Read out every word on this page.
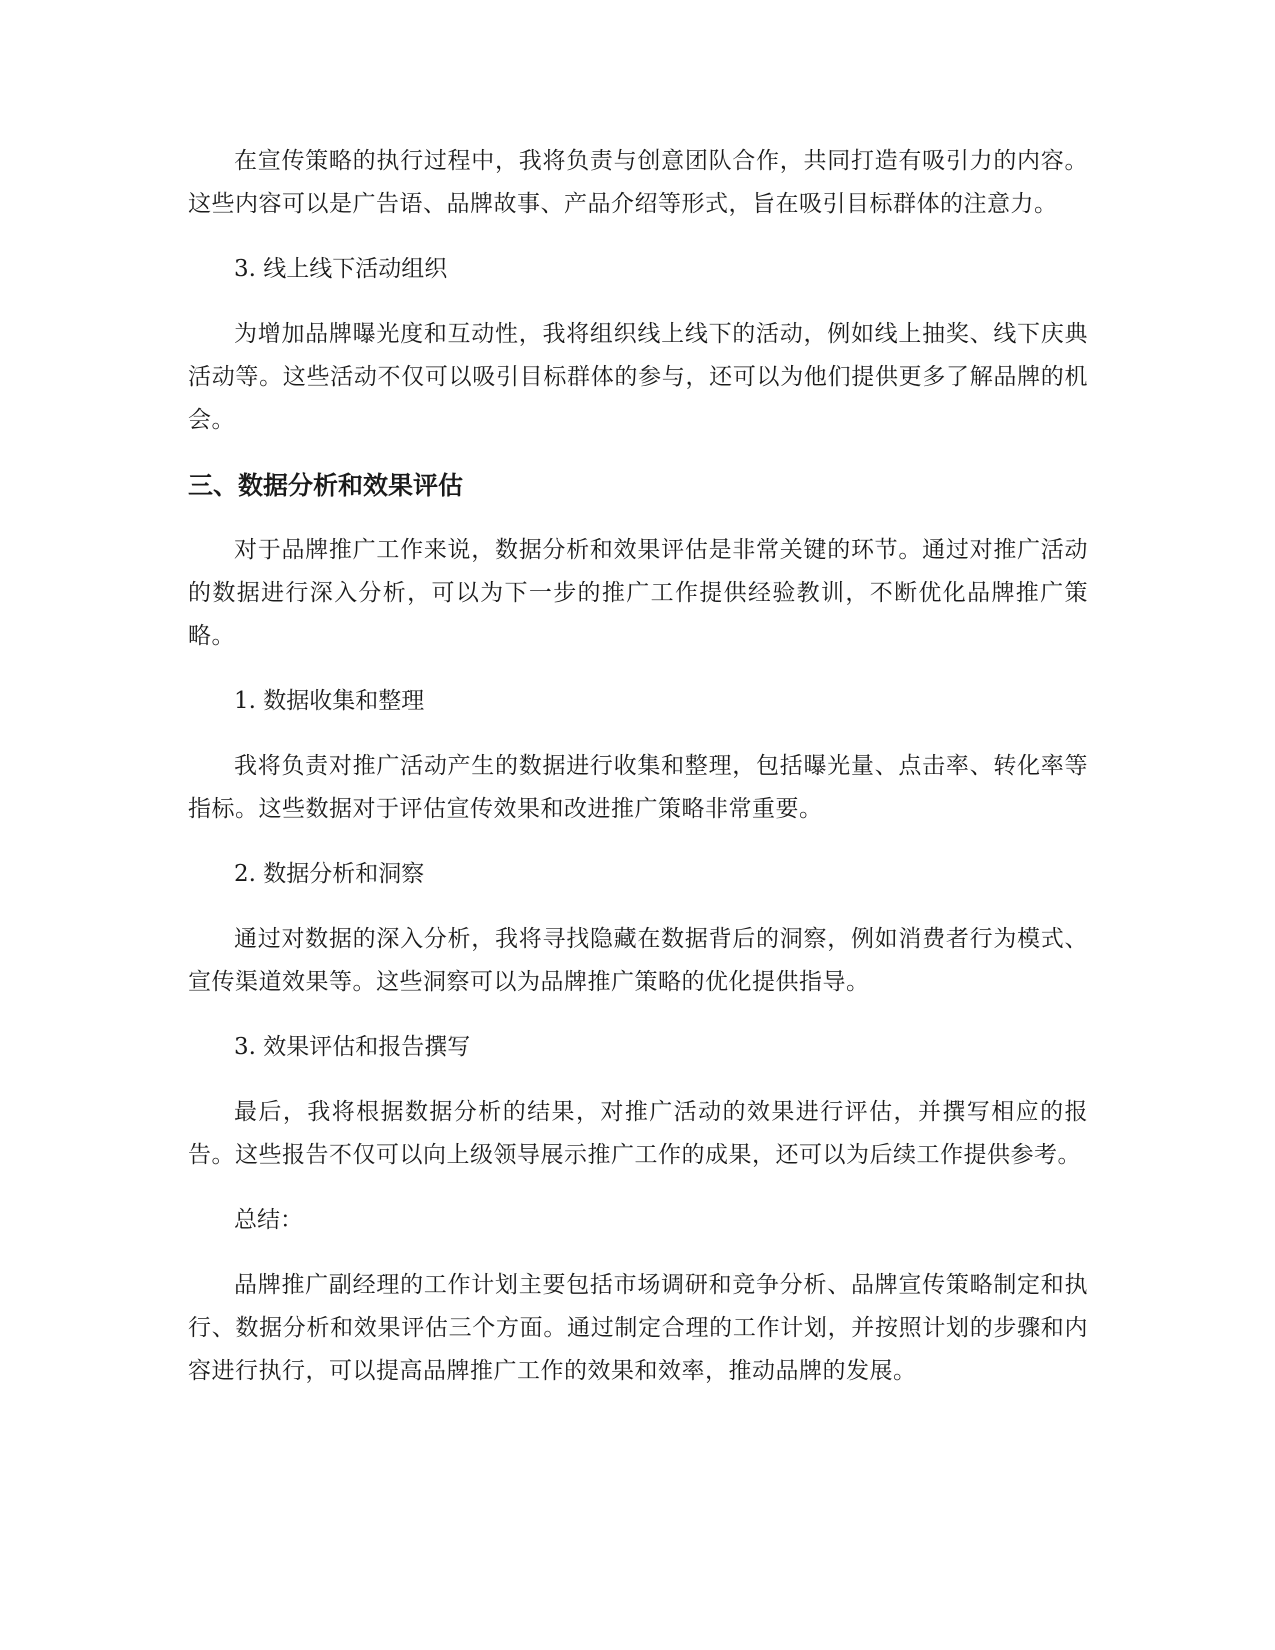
在宣传策略的执行过程中，我将负责与创意团队合作，共同打造有吸引力的内容。这些内容可以是广告语、品牌故事、产品介绍等形式，旨在吸引目标群体的注意力。

3. 线上线下活动组织

为增加品牌曝光度和互动性，我将组织线上线下的活动，例如线上抽奖、线下庆典活动等。这些活动不仅可以吸引目标群体的参与，还可以为他们提供更多了解品牌的机会。

三、数据分析和效果评估

对于品牌推广工作来说，数据分析和效果评估是非常关键的环节。通过对推广活动的数据进行深入分析，可以为下一步的推广工作提供经验教训，不断优化品牌推广策略。

1. 数据收集和整理

我将负责对推广活动产生的数据进行收集和整理，包括曝光量、点击率、转化率等指标。这些数据对于评估宣传效果和改进推广策略非常重要。

2. 数据分析和洞察

通过对数据的深入分析，我将寻找隐藏在数据背后的洞察，例如消费者行为模式、宣传渠道效果等。这些洞察可以为品牌推广策略的优化提供指导。

3. 效果评估和报告撰写

最后，我将根据数据分析的结果，对推广活动的效果进行评估，并撰写相应的报告。这些报告不仅可以向上级领导展示推广工作的成果，还可以为后续工作提供参考。

总结：

品牌推广副经理的工作计划主要包括市场调研和竞争分析、品牌宣传策略制定和执行、数据分析和效果评估三个方面。通过制定合理的工作计划，并按照计划的步骤和内容进行执行，可以提高品牌推广工作的效果和效率，推动品牌的发展。
